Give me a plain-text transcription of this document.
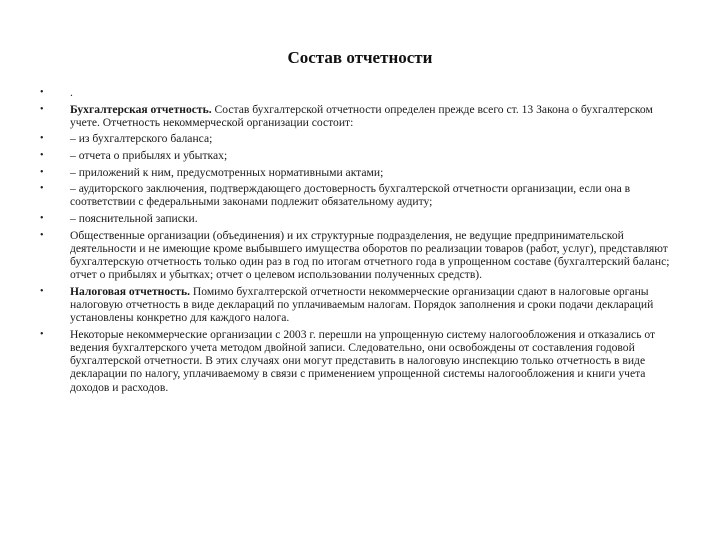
Состав отчетности
• .
• Бухгалтерская отчетность. Состав бухгалтерской отчетности определен прежде всего ст. 13 Закона о бухгалтерском учете. Отчетность некоммерческой организации состоит:
• – из бухгалтерского баланса;
• – отчета о прибылях и убытках;
• – приложений к ним, предусмотренных нормативными актами;
• – аудиторского заключения, подтверждающего достоверность бухгалтерской отчетности организации, если она в соответствии с федеральными законами подлежит обязательному аудиту;
• – пояснительной записки.
• Общественные организации (объединения) и их структурные подразделения, не ведущие предпринимательской деятельности и не имеющие кроме выбывшего имущества оборотов по реализации товаров (работ, услуг), представляют бухгалтерскую отчетность только один раз в год по итогам отчетного года в упрощенном составе (бухгалтерский баланс; отчет о прибылях и убытках; отчет о целевом использовании полученных средств).
• Налоговая отчетность. Помимо бухгалтерской отчетности некоммерческие организации сдают в налоговые органы налоговую отчетность в виде деклараций по уплачиваемым налогам. Порядок заполнения и сроки подачи деклараций установлены конкретно для каждого налога.
• Некоторые некоммерческие организации с 2003 г. перешли на упрощенную систему налогообложения и отказались от ведения бухгалтерского учета методом двойной записи. Следовательно, они освобождены от составления годовой бухгалтерской отчетности. В этих случаях они могут представить в налоговую инспекцию только отчетность в виде декларации по налогу, уплачиваемому в связи с применением упрощенной системы налогообложения и книги учета доходов и расходов.
